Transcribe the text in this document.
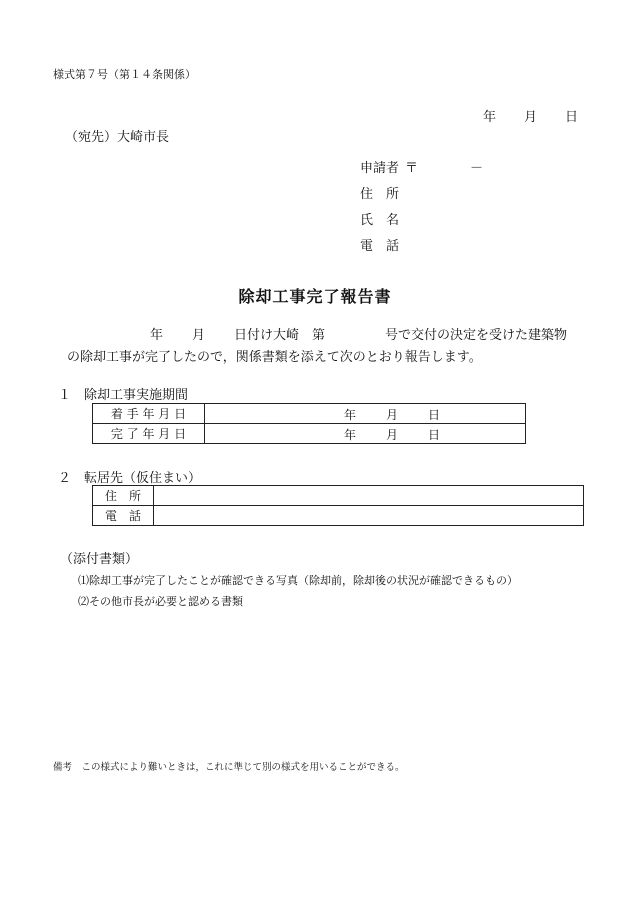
様式第７号（第１４条関係）
年 月 日
（宛先）大崎市長
申請者 〒	－
住　所
氏　名
電　話
除却工事完了報告書
年 月 日付け大崎　第	号で交付の決定を受けた建築物
の除却工事が完了したので，関係書類を添えて次のとおり報告します。
１　除却工事実施期間
着 手 年 月 日	年 月 日

完 了 年 月 日	年 月 日
２　転居先（仮住まい）
住　所	
電　話	
（添付書類）
⑴除却工事が完了したことが確認できる写真（除却前，除却後の状況が確認できるもの）
⑵その他市長が必要と認める書類
備考　この様式により難いときは，これに準じて別の様式を用いることができる。
